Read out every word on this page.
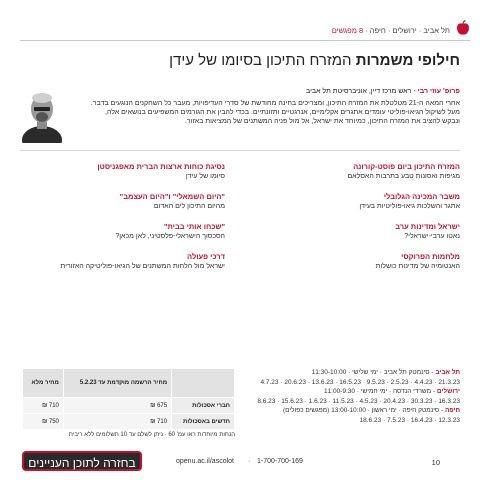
תל אביב · ירושלים · חיפה · 8 מפגשים
חילופי משמרות המזרח התיכון בסיומו של עידן
פרופ' עוזי רבי - ראש מרכז דיין, אוניברסיטת תל אביב
אחרי המאה ה-21 מטלטלת את המזרח התיכון, ומצריכים בחינה מחודשת של סדרי העדיפויות, מעבר כל השחקנים הנוגעים בדבר. מעל לשיקול הגיאו-פוליטי עומדים אתגרים אקלימיים, אנרגטיים ותזונתיים. בכדי להבין את הגורמים המשפיעים בנושאים אלה, ונבקש להציב את המזרח התיכון, כמיוחד את ישראל, אל מול פניה המשתנים של המציאות באזור.
המזרח התיכון ביום פוסט-קורונה
מגיפות ואסונות טבע בתרבות האסלאם
משבר המכינה הגלובלי
אתגר והשלכות גיאו-פוליטיות בעידן
ישראל ומדינות ערב
נאטו ערבי-ישראלי?
מלחמות הפרוקסי
האנטומיה של מדינות כושלות
נסיגת כוחות ארצות הברית מאפגניסטן
סיומו של עידן
"היום השמאלי" ו"היום העצמב"
מהיום התיכון לים האדום
"שכחו אותי בבית"
הסכסוך הישראלי-פלסטיני, לאן מכאן?
דרכי פעולה
ישראל מול הלחות המשתנים של הגיאו-פוליטיקה האזורית
תל אביב - סינמטק תל אביב · ימי שלישי · 11:30-10:00
21.3.23 · 4.4.23 · 2.5.23 · 9.5.23 · 16.5.23 · 13.6.23 · 20.6.23 · 4.7.23
ירושלים - משרדי הנדסה · ימי חמישי · 11:00-9:30
16.3.23 · 30.3.23 · 20.4.23 · 4.5.23 · 11.5.23 · 1.6.23 · 15.6.23 · 8.6.23
חיפה - סינמטק חיפה · ימי ראשון · 13:00-10:00 (מפגשים כפולים)
12.3.23 · 16.4.23 · 7.5.23 · 18.6.23
	מחיר הרשמה מוקדמת עד 5.2.23	מחיר מלא
חברי אסכולות	675 ₪	710 ₪
חדשים באסכולות	710 ₪	750 ₪
הנחות מיוחדות ראו עמ' 60 · ניתן לשלם עד 10 תשלומים ללא ריבית
10
1-700-700-169
·
openu.ac.il/ascolot
בחזרה לתוכן העניינים
